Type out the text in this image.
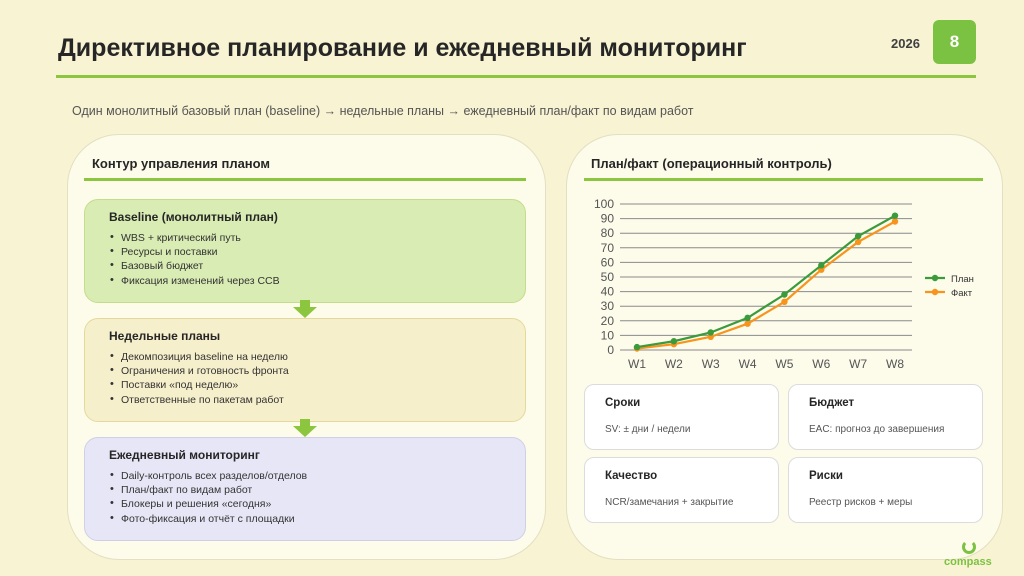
Директивное планирование и ежедневный мониторинг	2026	8
Один монолитный базовый план (baseline) → недельные планы → ежедневный план/факт по видам работ
Контур управления планом
Baseline (монолитный план)
• WBS + критический путь
• Ресурсы и поставки
• Базовый бюджет
• Фиксация изменений через CCB
Недельные планы
• Декомпозиция baseline на неделю
• Ограничения и готовность фронта
• Поставки «под неделю»
• Ответственные по пакетам работ
Ежедневный мониторинг
• Daily-контроль всех разделов/отделов
• План/факт по видам работ
• Блокеры и решения «сегодня»
• Фото-фиксация и отчёт с площадки
План/факт (операционный контроль)
0
10
20
30
40
50
60
70
80
90
100
W1 W2 W3 W4 W5 W6 W7 W8
План
Факт
Сроки
SV: ± дни / недели
Бюджет
EAC: прогноз до завершения
Качество
NCR/замечания + закрытие
Риски
Реестр рисков + меры
compass
